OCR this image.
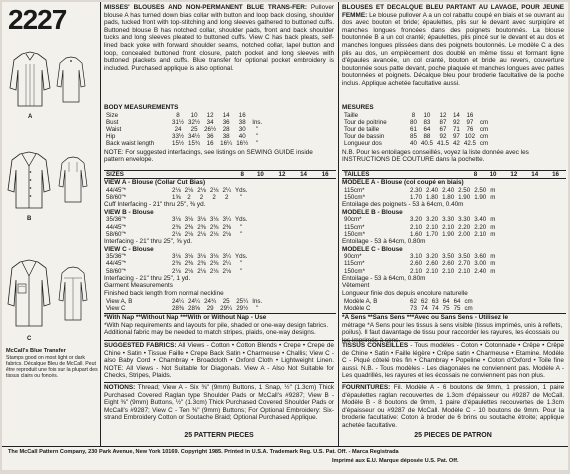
2227
A
B
C
McCall's Blue Transfer
Stamps good on most light or dark fabrics. Décalque Bleu de McCall. Peut être reproduit une fois sur la plupart des tissus clairs ou foncés.
MISSES' BLOUSES AND NON-PERMANENT BLUE TRANS-FER: Pullover blouse A has turned down bias collar with button and loop back closing, shoulder pads, tucked front with top-stitching and long sleeves gathered to buttoned cuffs. Buttoned blouse B has notched collar, shoulder pads, front and back shoulder tucks and long sleeves pleated to buttoned cuffs. View C has back pleats, self-lined back yoke with forward shoulder seams, notched collar, lapel button and loop, concealed buttoned front closure, patch pocket and long sleeves with buttoned plackets and cuffs. Blue transfer for optional pocket embroidery is included. Purchased applique is also optional.
BODY MEASUREMENTS
Size	8	10	12	14	16	
Bust	31½	32½	34	36	38	Ins.
Waist	24	25	26½	28	30	"
Hip	33½	34½	36	38	40	"
Back waist length	15½	15¾	16	16¼	16½	"
NOTE: For suggested interfacings, see listings on SEWING GUIDE inside pattern envelope.
SIZES	8	10	12	14	16
VIEW A - Blouse (Collar Cut Bias)
44/45"*	2⅛	2⅛	2⅛	2⅛	2¼	Yds.
58/60"*	1⅝	2	2	2	2	"
Cuff Interfacing - 21" thru 25", ⅜ yd.
VIEW B - Blouse
35/36"*	3⅛	3⅛	3⅛	3⅛	3¼	Yds.
44/45"*	2⅜	2⅜	2⅜	2⅜	2⅜	"
58/60"*	2⅛	2⅛	2⅛	2⅛	2⅛	"
Interfacing - 21" thru 25", ⅝ yd.
VIEW C - Blouse
35/36"*	3⅛	3⅛	3⅛	3⅛	3¼	Yds.
44/45"*	2⅜	2⅜	2⅜	2⅜	2¼	"
58/60"*	2⅛	2⅛	2⅛	2⅛	2⅛	"
Interfacing - 21" thru 25", 1 yd.
Garment Measurements
Finished back length from normal neckline
View A, B	24¼	24¼	24¾	25	25¼	Ins.
View C	28⅜	28⅝	29	29¼	29½	"
*With Nap **Without Nap ***With or Without Nap - Use
*With Nap requirements and layouts for pile, shaded or one-way design fabrics. Additional fabric may be needed to match stripes, plaids, one-way designs.
SUGGESTED FABRICS: All Views - Cotton • Cotton Blends • Crepe • Crepe de Chine • Satin • Tissue Faille • Crepe Back Satin • Charmeuse • Challis; View C - also Baby Cord • Chambray • Broadcloth • Oxford Cloth • Lightweight Linen. NOTE: All Views - Not Suitable for Diagonals. View A - Also Not Suitable for Checks, Stripes, Plaids.
NOTIONS: Thread; View A - Six ⅜" (9mm) Buttons, 1 Snap, ½" (1.3cm) Thick Purchased Covered Raglan type Shoulder Pads or McCall's #9287; View B - Eight ⅜" (9mm) Buttons, ½" (1.3cm) Thick Purchased Covered Shoulder Pads or McCall's #9287; View C - Ten ⅜" (9mm) Buttons; For Optional Embroidery: Six-strand Embroidery Cotton or Soutache Braid; Optional Purchased Applique.
25 PATTERN PIECES
BLOUSES ET DECALQUE BLEU PARTANT AU LAVAGE, POUR JEUNE FEMME: Le blouse pullover A a un col rabattu coupé en biais et se ouvrant au dos avec bouton et bride; épaulettes, plis sur le devant avec surpiqûre et manches longues froncées dans des poignets boutonnés. La blouse boutonnée B a un col cranté; épaulettes, plis pincé sur le devant et au dos et manches longues plissées dans des poignets boutonnés. Le modèle C a des plis au dos, un empiècement dos doublé en même tissu et formant ligne d'épaules avancée, un col cranté, bouton et bride au revers, couverture boutonnée sous patte devant, poche plaquée et manches longues avec pattes boutonnées et poignets. Décalque bleu pour broderie facultative de la poche inclus. Applique achetée facultative aussi.
MESURES
Taille	8	10	12	14	16	
Tour de poitrine	80	83	87	92	97	cm
Tour de taille	61	64	67	71	76	cm
Tour de bassin	85	88	92	97	102	cm
Longueur dos	40	40.5	41.5	42	42.5	cm
N.B. Pour les entoilages conseillés, voyez la liste donnée avec les INSTRUCTIONS DE COUTURE dans la pochette.
TAILLES	8	10	12	14	16
MODELE A - Blouse (col coupé en biais)
115cm*	2.30	2.40	2.40	2.50	2.50	m
150cm*	1.70	1.80	1.80	1.90	1.90	m
Entoilage des poignets - 53 à 64cm, 0.40m
MODELE B - Blouse
90cm*	3.20	3.20	3.30	3.30	3.40	m
115cm*	2.10	2.10	2.10	2.20	2.20	m
150cm*	1.60	1.70	1.90	2.00	2.10	m
Entoilage - 53 à 64cm, 0.80m
MODELE C - Blouse
90cm*	3.10	3.20	3.50	3.50	3.60	m
115cm*	2.60	2.60	2.60	2.70	3.00	m
150cm*	2.10	2.10	2.10	2.10	2.40	m
Entoilage - 53 à 64cm, 0.80m
Vêtement
Longueur finie dos depuis encolure naturelle
Modèle A, B	62	62	63	64	64	cm
Modèle C	73	74	74	75	75	cm
*A Sens **Sans Sens ***Avec ou Sans Sens - Utilisez le
métrage *A Sens pour les tissus à sens visible (tissus imprimés, unis à reflets, poilus). Il faut davantage de tissu pour raccorder les rayures, les écossais ou les imprimés à sens.
TISSUS CONSEILLES - Tous modèles - Coton • Cotonnade • Crêpe • Crêpe de Chine • Satin • Faille légère • Crêpe satin • Charmeuse • Etamine. Modèle C - Piqué côtelé très fin • Chambray • Popeline • Coton d'Oxford • Toile fine aussi. N.B. - Tous modèles - Les diagonales ne conviennent pas. Modèle A - Les quadrillés, les rayures et les écossais ne conviennent pas non plus.
FOURNITURES: Fil. Modèle A - 6 boutons de 9mm, 1 pression, 1 paire d'épaulettes raglan recouvertes de 1.3cm d'épaisseur ou #9287 de McCall. Modèle B - 8 boutons de 9mm, 1 paire d'épaulettes recouvertes de 1.3cm d'épaisseur ou #9287 de McCall. Modèle C - 10 boutons de 9mm. Pour la broderie facultative: Coton à broder de 6 brins ou soutache étroite; applique achetée facultative.
25 PIECES DE PATRON
The McCall Pattern Company, 230 Park Avenue, New York 10169. Copyright 1985. Printed in U.S.A. Trademark Reg. U.S. Pat. Off. - Marca Registrada
Imprimé aux E.U. Marque déposée U.S. Pat. Off.
